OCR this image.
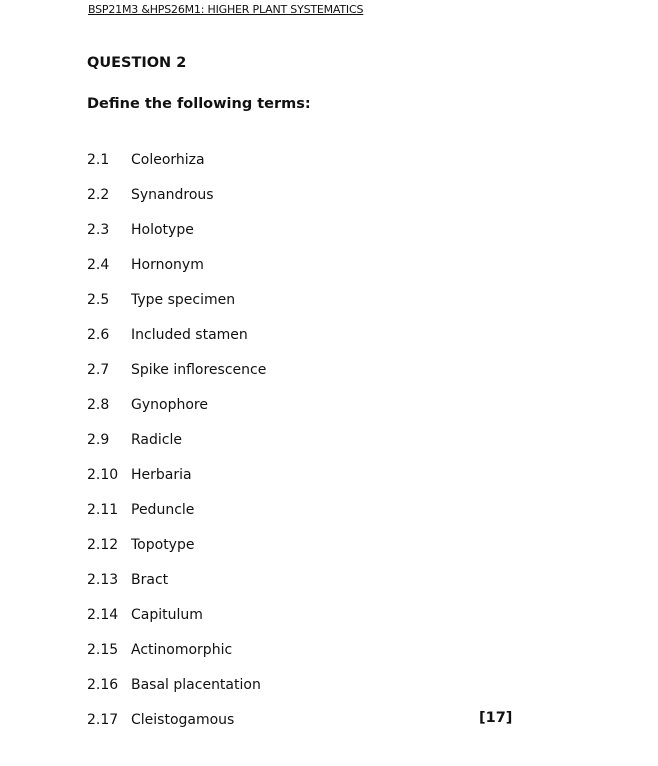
BSP21M3 &HPS26M1: HIGHER PLANT SYSTEMATICS
QUESTION 2
Define the following terms:
2.1	Coleorhiza
2.2	Synandrous
2.3	Holotype
2.4	Hornonym
2.5	Type specimen
2.6	Included stamen
2.7	Spike inflorescence
2.8	Gynophore
2.9	Radicle
2.10 Herbaria
2.11 Peduncle
2.12 Topotype
2.13 Bract
2.14 Capitulum
2.15 Actinomorphic
2.16 Basal placentation
2.17 Cleistogamous	[17]
